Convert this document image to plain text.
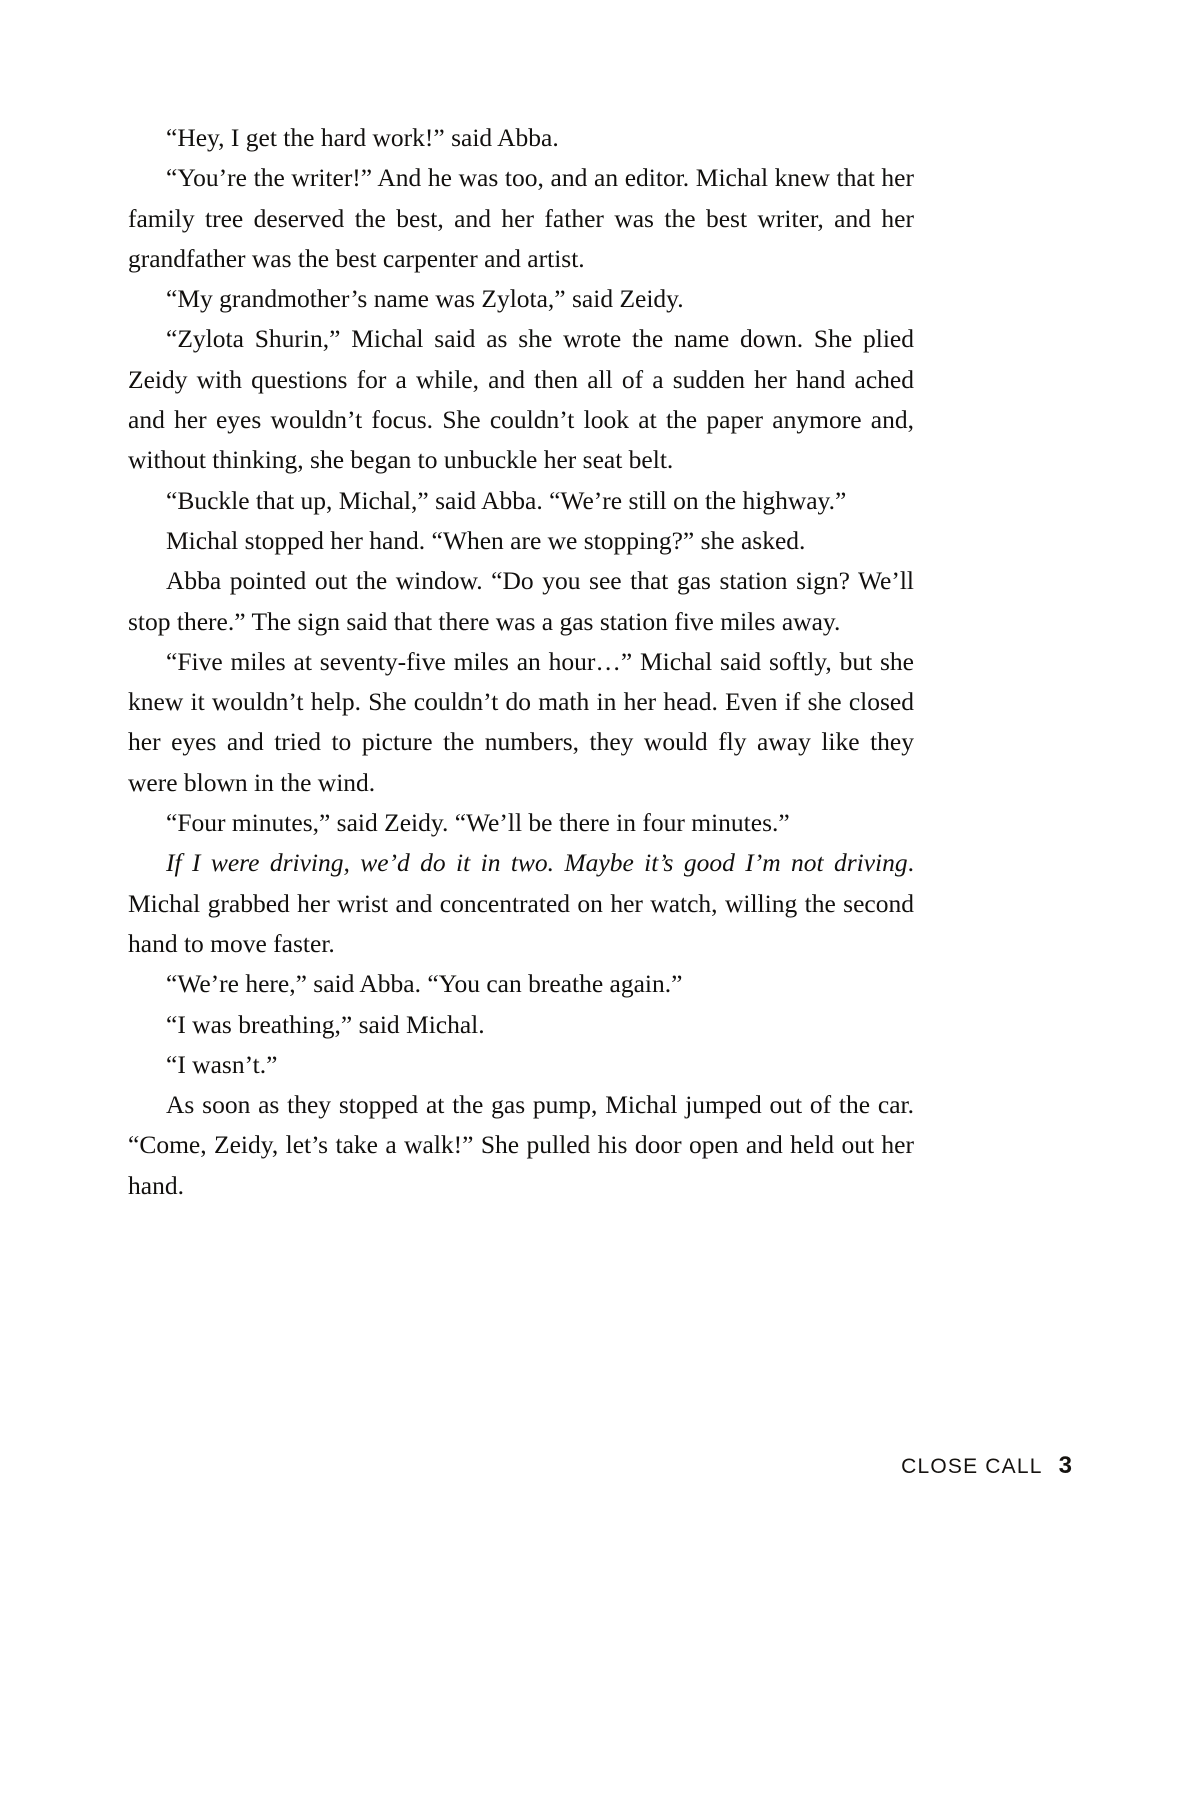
“Hey, I get the hard work!” said Abba.

“You’re the writer!” And he was too, and an editor. Michal knew that her family tree deserved the best, and her father was the best writer, and her grandfather was the best carpenter and artist.

“My grandmother’s name was Zylota,” said Zeidy.

“Zylota Shurin,” Michal said as she wrote the name down. She plied Zeidy with questions for a while, and then all of a sudden her hand ached and her eyes wouldn’t focus. She couldn’t look at the paper anymore and, without thinking, she began to unbuckle her seat belt.

“Buckle that up, Michal,” said Abba. “We’re still on the highway.”

Michal stopped her hand. “When are we stopping?” she asked.

Abba pointed out the window. “Do you see that gas station sign? We’ll stop there.” The sign said that there was a gas station five miles away.

“Five miles at seventy-five miles an hour…” Michal said softly, but she knew it wouldn’t help. She couldn’t do math in her head. Even if she closed her eyes and tried to picture the numbers, they would fly away like they were blown in the wind.

“Four minutes,” said Zeidy. “We’ll be there in four minutes.”

If I were driving, we’d do it in two. Maybe it’s good I’m not driving. Michal grabbed her wrist and concentrated on her watch, willing the second hand to move faster.

“We’re here,” said Abba. “You can breathe again.”

“I was breathing,” said Michal.

“I wasn’t.”

As soon as they stopped at the gas pump, Michal jumped out of the car. “Come, Zeidy, let’s take a walk!” She pulled his door open and held out her hand.

CLOSE CALL 3
